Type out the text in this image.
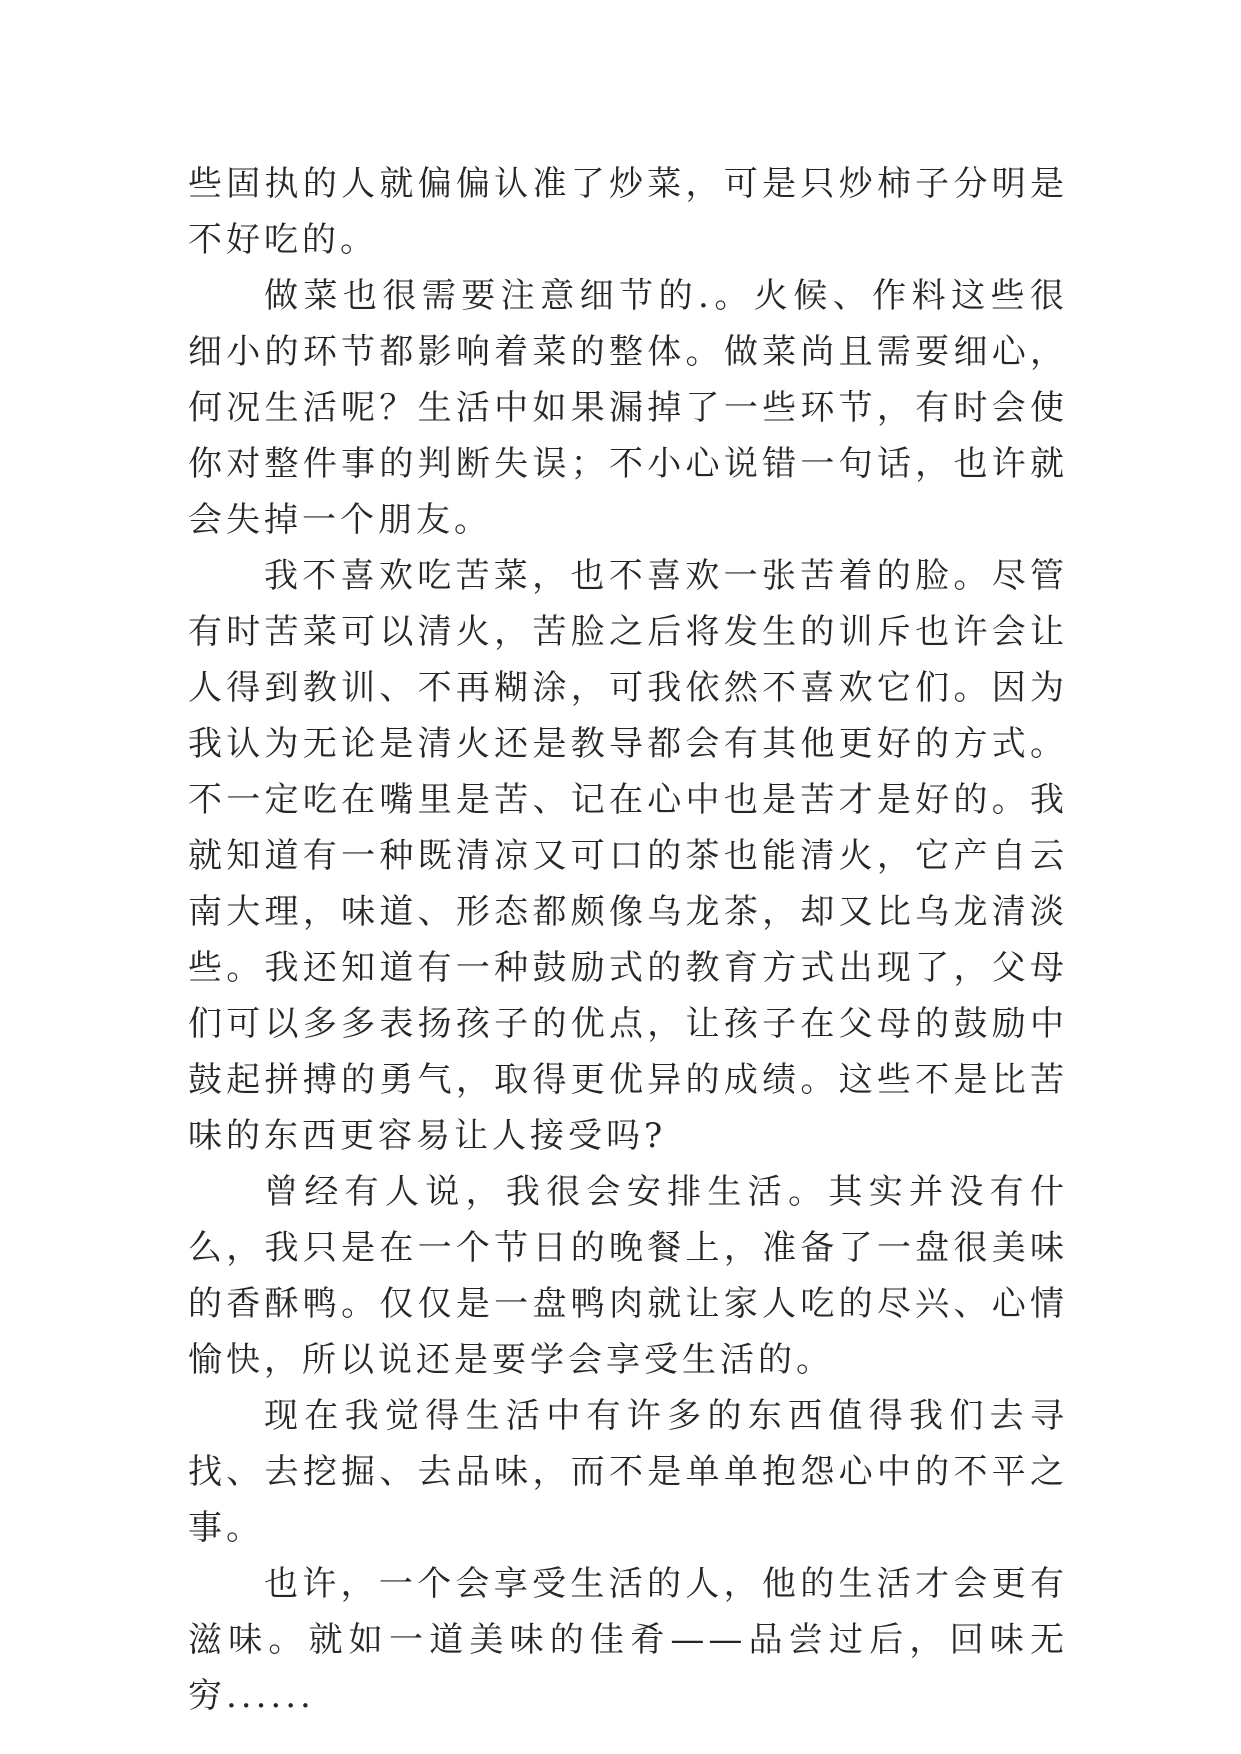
些固执的人就偏偏认准了炒菜，可是只炒柿子分明是不好吃的。

做菜也很需要注意细节的.。火候、作料这些很细小的环节都影响着菜的整体。做菜尚且需要细心，何况生活呢？生活中如果漏掉了一些环节，有时会使你对整件事的判断失误；不小心说错一句话，也许就会失掉一个朋友。

我不喜欢吃苦菜，也不喜欢一张苦着的脸。尽管有时苦菜可以清火，苦脸之后将发生的训斥也许会让人得到教训、不再糊涂，可我依然不喜欢它们。因为我认为无论是清火还是教导都会有其他更好的方式。不一定吃在嘴里是苦、记在心中也是苦才是好的。我就知道有一种既清凉又可口的茶也能清火，它产自云南大理，味道、形态都颇像乌龙茶，却又比乌龙清淡些。我还知道有一种鼓励式的教育方式出现了，父母们可以多多表扬孩子的优点，让孩子在父母的鼓励中鼓起拼搏的勇气，取得更优异的成绩。这些不是比苦味的东西更容易让人接受吗?

曾经有人说，我很会安排生活。其实并没有什么，我只是在一个节日的晚餐上，准备了一盘很美味的香酥鸭。仅仅是一盘鸭肉就让家人吃的尽兴、心情愉快，所以说还是要学会享受生活的。

现在我觉得生活中有许多的东西值得我们去寻找、去挖掘、去品味，而不是单单抱怨心中的不平之事。

也许，一个会享受生活的人，他的生活才会更有滋味。就如一道美味的佳肴——品尝过后，回味无穷......
